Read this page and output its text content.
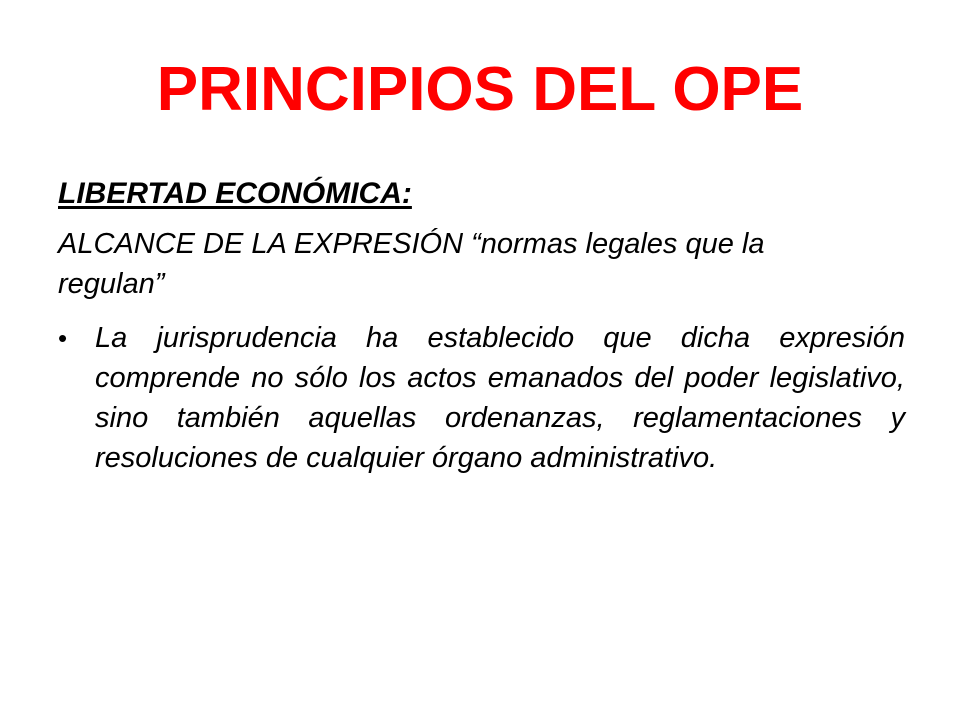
PRINCIPIOS DEL OPE
LIBERTAD ECONÓMICA:
ALCANCE DE LA EXPRESIÓN “normas legales que la regulan”
• La jurisprudencia ha establecido que dicha expresión comprende no sólo los actos emanados del poder legislativo, sino también aquellas ordenanzas, reglamentaciones y resoluciones de cualquier órgano administrativo.
